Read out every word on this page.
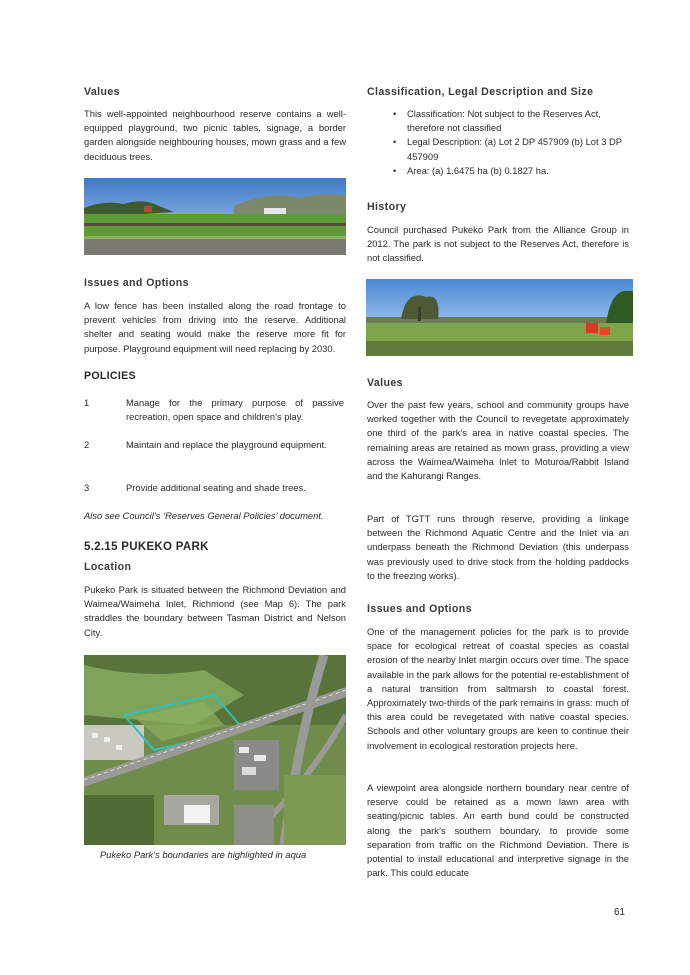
Values

This well-appointed neighbourhood reserve contains a well-equipped playground, two picnic tables, signage, a border garden alongside neighbouring houses, mown grass and a few deciduous trees.

Issues and Options

A low fence has been installed along the road frontage to prevent vehicles from driving into the reserve. Additional shelter and seating would make the reserve more fit for purpose. Playground equipment will need replacing by 2030.

POLICIES
1	Manage for the primary purpose of passive recreation, open space and children’s play.
2	Maintain and replace the playground equipment.
3	Provide additional seating and shade trees.

Also see Council’s ‘Reserves General Policies’ document.

5.2.15 PUKEKO PARK
Location

Pukeko Park is situated between the Richmond Deviation and Waimea/Waimeha Inlet, Richmond (see Map 6). The park straddles the boundary between Tasman District and Nelson City.

Pukeko Park’s boundaries are highlighted in aqua

Classification, Legal Description and Size
• Classification: Not subject to the Reserves Act, therefore not classified
• Legal Description: (a) Lot 2 DP 457909 (b) Lot 3 DP 457909
• Area: (a) 1.6475 ha (b) 0.1827 ha.
History

Council purchased Pukeko Park from the Alliance Group in 2012. The park is not subject to the Reserves Act, therefore is not classified.

Values

Over the past few years, school and community groups have worked together with the Council to revegetate approximately one third of the park’s area in native coastal species. The remaining areas are retained as mown grass, providing a view across the Waimea/Waimeha Inlet to Moturoa/Rabbit Island and the Kahurangi Ranges.

Part of TGTT runs through reserve, providing a linkage between the Richmond Aquatic Centre and the Inlet via an underpass beneath the Richmond Deviation (this underpass was previously used to drive stock from the holding paddocks to the freezing works).

Issues and Options

One of the management policies for the park is to provide space for ecological retreat of coastal species as coastal erosion of the nearby Inlet margin occurs over time. The space available in the park allows for the potential re-establishment of a natural transition from saltmarsh to coastal forest. Approximately two-thirds of the park remains in grass: much of this area could be revegetated with native coastal species. Schools and other voluntary groups are keen to continue their involvement in ecological restoration projects here.

A viewpoint area alongside northern boundary near centre of reserve could be retained as a mown lawn area with seating/picnic tables. An earth bund could be constructed along the park’s southern boundary, to provide some separation from traffic on the Richmond Deviation. There is potential to install educational and interpretive signage in the park. This could educate

61
